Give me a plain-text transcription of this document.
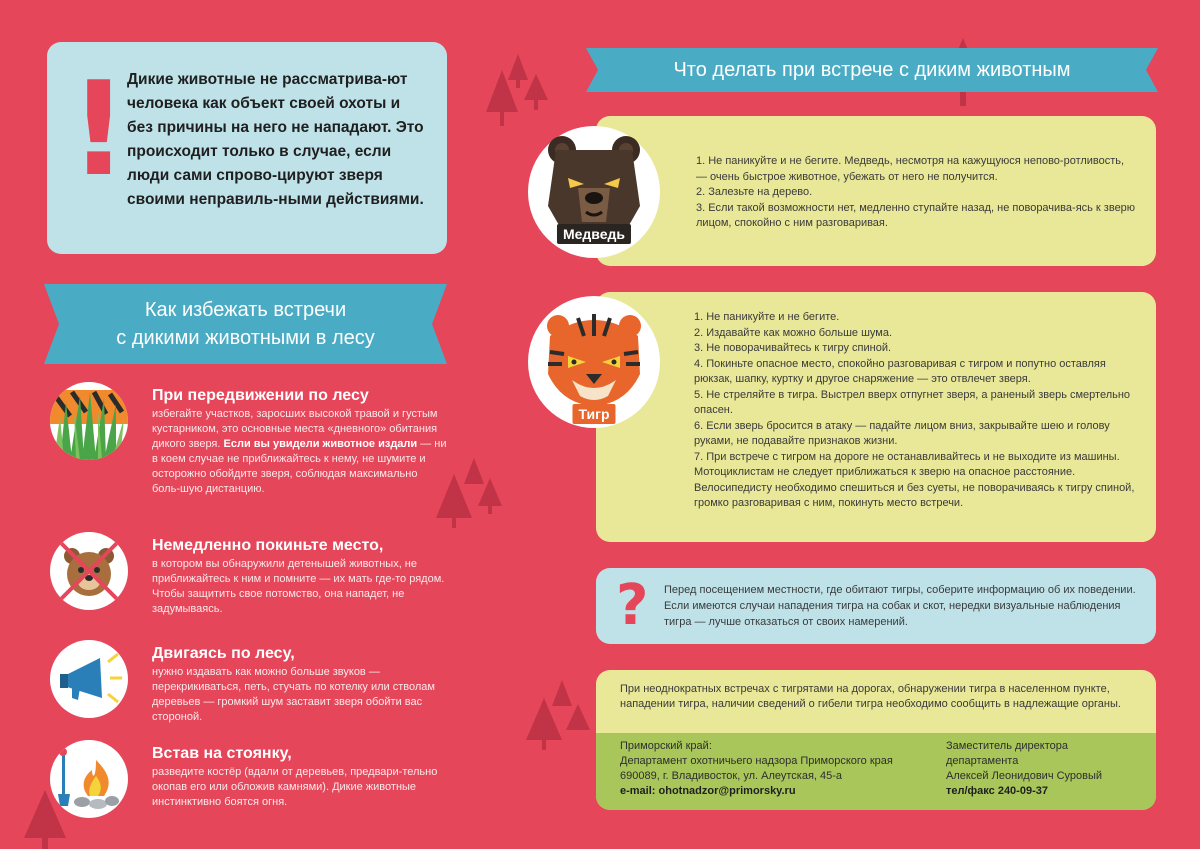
!
Дикие животные не рассматрива-ют человека как объект своей охоты и без причины на него не нападают. Это происходит только в случае, если люди сами спрово-цируют зверя своими неправиль-ными действиями.
Как избежать встречи
с дикими животными в лесу
Что делать при встрече с диким животным
При передвижении по лесу
избегайте участков, заросших высокой травой и густым кустарником, это основные места «дневного» обитания дикого зверя. Если вы увидели животное издали — ни в коем случае не приближайтесь к нему, не шумите и осторожно обойдите зверя, соблюдая максимально боль-шую дистанцию.
Немедленно покиньте место,
в котором вы обнаружили детенышей животных, не приближайтесь к ним и помните — их мать где-то рядом. Чтобы защитить свое потомство, она нападет, не задумываясь.
Двигаясь по лесу,
нужно издавать как можно больше звуков — перекрикиваться, петь, стучать по котелку или стволам деревьев — громкий шум заставит зверя обойти вас стороной.
Встав на стоянку,
разведите костёр (вдали от деревьев, предвари-тельно окопав его или обложив камнями). Дикие животные инстинктивно боятся огня.
1. Не паникуйте и не бегите. Медведь, несмотря на кажущуюся непово-ротливость, — очень быстрое животное, убежать от него не получится.
2. Залезьте на дерево.
3. Если такой возможности нет, медленно ступайте назад, не поворачива-ясь к зверю лицом, спокойно с ним разговаривая.
Медведь
1. Не паникуйте и не бегите.
2. Издавайте как можно больше шума.
3. Не поворачивайтесь к тигру спиной.
4. Покиньте опасное место, спокойно разговаривая с тигром и попутно оставляя рюкзак, шапку, куртку и другое снаряжение — это отвлечет зверя.
5. Не стреляйте в тигра. Выстрел вверх отпугнет зверя, а раненый зверь смертельно опасен.
6. Если зверь бросится в атаку — падайте лицом вниз, закрывайте шею и голову руками, не подавайте признаков жизни.
7. При встрече с тигром на дороге не останавливайтесь и не выходите из машины. Мотоциклистам не следует приближаться к зверю на опасное расстояние. Велосипедисту необходимо спешиться и без суеты, не поворачиваясь к тигру спиной, громко разговаривая с ним, покинуть место встречи.
Тигр
? Перед посещением местности, где обитают тигры, соберите информацию об их поведении. Если имеются случаи нападения тигра на собак и скот, нередки визуальные наблюдения тигра — лучше отказаться от своих намерений.
При неоднократных встречах с тигрятами на дорогах, обнаружении тигра в населенном пункте, нападении тигра, наличии сведений о гибели тигра необходимо сообщить в надлежащие органы.
Приморский край:
Департамент охотничьего надзора Приморского края
690089, г. Владивосток, ул. Алеутская, 45-а
e-mail: ohotnadzor@primorsky.ru
Заместитель директора
департамента
Алексей Леонидович Суровый
тел/факс 240-09-37
